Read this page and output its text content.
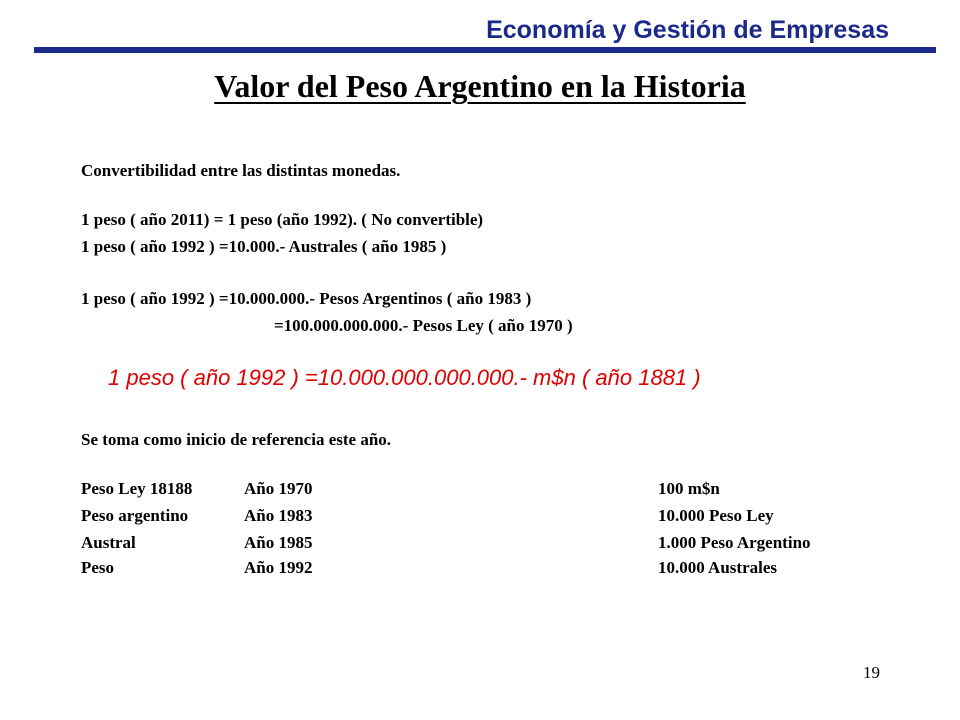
Economía y Gestión de Empresas
Valor del Peso Argentino en la Historia
Convertibilidad entre las distintas monedas.
1 peso ( año 2011) = 1 peso (año 1992). ( No convertible)
1 peso ( año 1992 ) =10.000.- Australes ( año 1985 )
1 peso ( año 1992 ) =10.000.000.- Pesos Argentinos ( año 1983 )
=100.000.000.000.- Pesos Ley ( año 1970 )
1 peso ( año 1992 ) =10.000.000.000.000.- m$n ( año 1881 )
Se toma como inicio de referencia este año.
Peso Ley 18188	Año 1970	100 m$n
Peso argentino	Año 1983	10.000 Peso Ley
Austral	Año 1985	1.000 Peso Argentino
Peso	Año 1992	10.000 Australes
19
